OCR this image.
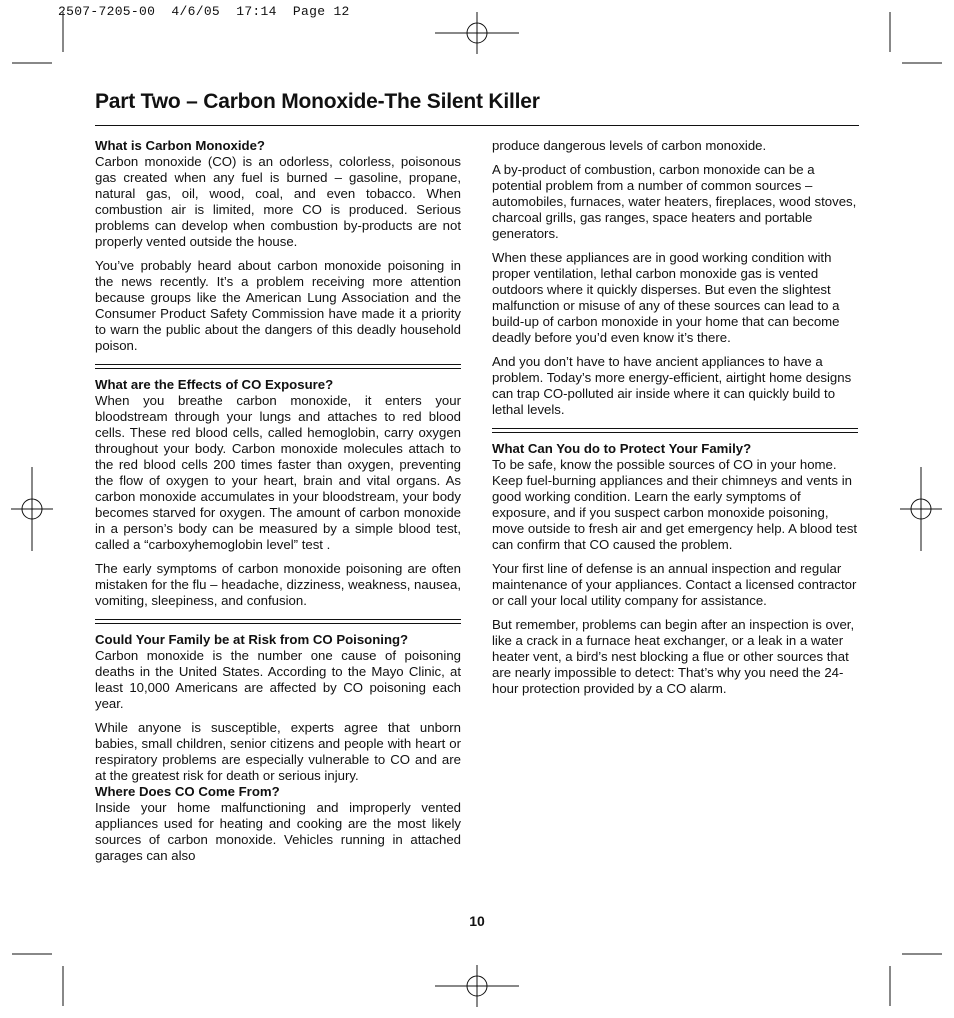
2507-7205-00  4/6/05  17:14  Page 12
Part Two – Carbon Monoxide-The Silent Killer
What is Carbon Monoxide?

Carbon monoxide (CO) is an odorless, colorless, poisonous gas created when any fuel is burned – gasoline, propane, natural gas, oil, wood, coal, and even tobacco. When combustion air is limited, more CO is produced. Serious problems can develop when combustion by-products are not properly vented outside the house.

You’ve probably heard about carbon monoxide poisoning in the news recently. It’s a problem receiving more attention because groups like the American Lung Association and the Consumer Product Safety Commission have made it a priority to warn the public about the dangers of this deadly household poison.

What are the Effects of CO Exposure?

When you breathe carbon monoxide, it enters your bloodstream through your lungs and attaches to red blood cells. These red blood cells, called hemoglobin, carry oxygen throughout your body. Carbon monoxide molecules attach to the red blood cells 200 times faster than oxygen, preventing the flow of oxygen to your heart, brain and vital organs. As carbon monoxide accumulates in your bloodstream, your body becomes starved for oxygen. The amount of carbon monoxide in a person’s body can be measured by a simple blood test, called a “carboxyhemoglobin level” test .

The early symptoms of carbon monoxide poisoning are often mistaken for the flu – headache, dizziness, weakness, nausea, vomiting, sleepiness, and confusion.

Could Your Family be at Risk from CO Poisoning?

Carbon monoxide is the number one cause of poisoning deaths in the United States. According to the Mayo Clinic, at least 10,000 Americans are affected by CO poisoning each year.

While anyone is susceptible, experts agree that unborn babies, small children, senior citizens and people with heart or respiratory problems are especially vulnerable to CO and are at the greatest risk for death or serious injury.

Where Does CO Come From?

Inside your home malfunctioning and improperly vented appliances used for heating and cooking are the most likely sources of carbon monoxide. Vehicles running in attached garages can also

produce dangerous levels of carbon monoxide.

A by-product of combustion, carbon monoxide can be a potential problem from a number of common sources – automobiles, furnaces, water heaters, fireplaces, wood stoves, charcoal grills, gas ranges, space heaters and portable generators.

When these appliances are in good working condition with proper ventilation, lethal carbon monoxide gas is vented outdoors where it quickly disperses. But even the slightest malfunction or misuse of any of these sources can lead to a build-up of carbon monoxide in your home that can become deadly before you’d even know it’s there.

And you don’t have to have ancient appliances to have a problem. Today’s more energy-efficient, airtight home designs can trap CO-polluted air inside where it can quickly build to lethal levels.

What Can You do to Protect Your Family?

To be safe, know the possible sources of CO in your home. Keep fuel-burning appliances and their chimneys and vents in good working condition. Learn the early symptoms of exposure, and if you suspect carbon monoxide poisoning, move outside to fresh air and get emergency help. A blood test can confirm that CO caused the problem.

Your first line of defense is an annual inspection and regular maintenance of your appliances. Contact a licensed contractor or call your local utility company for assistance.

But remember, problems can begin after an inspection is over, like a crack in a furnace heat exchanger, or a leak in a water heater vent, a bird’s nest blocking a flue or other sources that are nearly impossible to detect: That’s why you need the 24-hour protection provided by a CO alarm.

10
